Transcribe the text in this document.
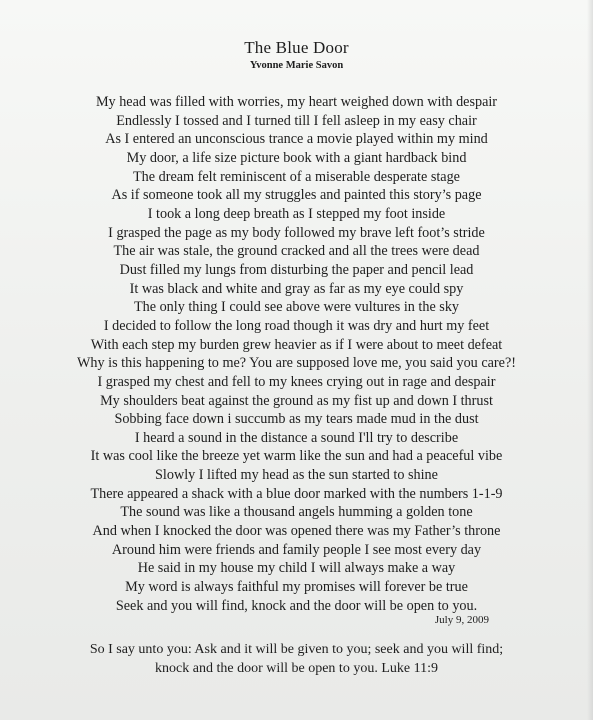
The Blue Door
Yvonne Marie Savon
My head was filled with worries, my heart weighed down with despair
Endlessly I tossed and I turned till I fell asleep in my easy chair
As I entered an unconscious trance a movie played within my mind
My door, a life size picture book with a giant hardback bind
The dream felt reminiscent of a miserable desperate stage
As if someone took all my struggles and painted this story’s page
I took a long deep breath as I stepped my foot inside
I grasped the page as my body followed my brave left foot’s stride
The air was stale, the ground cracked and all the trees were dead
Dust filled my lungs from disturbing the paper and pencil lead
It was black and white and gray as far as my eye could spy
The only thing I could see above were vultures in the sky
I decided to follow the long road though it was dry and hurt my feet
With each step my burden grew heavier as if I were about to meet defeat
Why is this happening to me? You are supposed love me, you said you care?!
I grasped my chest and fell to my knees crying out in rage and despair
My shoulders beat against the ground as my fist up and down I thrust
Sobbing face down i succumb as my tears made mud in the dust
I heard a sound in the distance a sound I'll try to describe
It was cool like the breeze yet warm like the sun and had a peaceful vibe
Slowly I lifted my head as the sun started to shine
There appeared a shack with a blue door marked with the numbers 1-1-9
The sound was like a thousand angels humming a golden tone
And when I knocked the door was opened there was my Father’s throne
Around him were friends and family people I see most every day
He said in my house my child I will always make a way
My word is always faithful my promises will forever be true
Seek and you will find, knock and the door will be open to you.
July 9, 2009
So I say unto you: Ask and it will be given to you; seek and you will find;
knock and the door will be open to you. Luke 11:9
